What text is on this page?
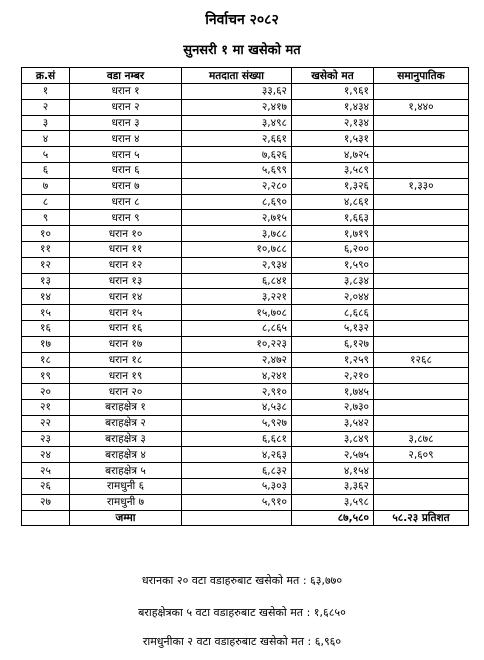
निर्वाचन २०८२
सुनसरी १ मा खसेको मत
क्र.सं	वडा नम्बर	मतदाता संख्या	खसेको मत	समानुपातिक
१	धरान १	३३,६२	१,९६१	
२	धरान २	२,४१७	१,४३४	१,४४०
३	धरान ३	३,४९८	२,१३४	
४	धरान ४	२,६६१	१,५३१	
५	धरान ५	७,६२६	४,७२५	
६	धरान ६	५,६९९	३,५८९	
७	धरान ७	२,२८०	१,३२६	१,३३०
८	धरान ८	८,६९०	४,८६१	
९	धरान ९	२,७१५	१,६६३	
१०	धरान १०	३,७८८	१,७१९	
११	धरान ११	१०,७८८	६,२००	
१२	धरान १२	२,९३४	१,५९०	
१३	धरान १३	६,८४१	३,८३४	
१४	धरान १४	३,२२१	२,०४४	
१५	धरान १५	१५,७०८	८,६८६	
१६	धरान १६	८,८६५	५,१३२	
१७	धरान १७	१०,२२३	६,१२७	
१८	धरान १८	२,४७२	१,२५९	१२६८
१९	धरान १९	४,२४१	२,२१०	
२०	धरान २०	२,९१०	१,७४५	
२१	बराहक्षेत्र १	४,५३८	२,७३०	
२२	बराहक्षेत्र २	५,९२७	३,५४२	
२३	बराहक्षेत्र ३	६,६८१	३,८४९	३,८७८
२४	बराहक्षेत्र ४	४,२६३	२,५७५	२,६०९
२५	बराहक्षेत्र ५	६,८३२	४,१५४	
२६	रामधुनी ६	५,३०३	३,३६२	
२७	रामधुनी ७	५,९१०	३,५९८	
	जम्मा		८७,५८०	५८.२३ प्रतिशत
धरानका २० वटा वडाहरुबाट खसेको मत : ६३,७७०
बराहक्षेत्रका ५ वटा वडाहरुबाट खसेको मत : १,६८५०
रामधुनीका २ वटा वडाहरुबाट खसेको मत : ६,९६०
